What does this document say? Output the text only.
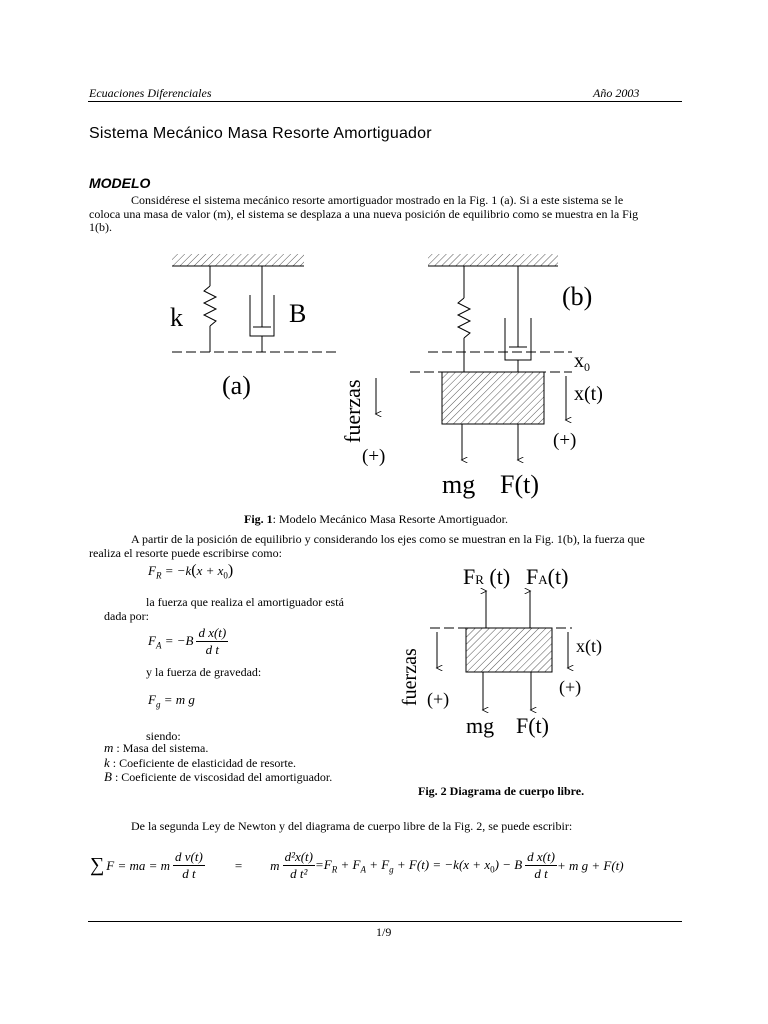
Ecuaciones Diferenciales	Año 2003
Sistema Mecánico Masa Resorte Amortiguador
MODELO
Considérese el sistema mecánico resorte amortiguador mostrado en la Fig. 1 (a). Si a este sistema se le
coloca una masa de valor (m), el sistema se desplaza a una nueva posición de equilibrio como se muestra en la Fig
1(b).
k	B
(a)	fuerzas
(+)
(+)
(b)
$x_0$
x(t)
mg F(t)
Fig. 1: Modelo Mecánico Masa Resorte Amortiguador.
A partir de la posición de equilibrio y considerando los ejes como se muestran en la Fig. 1(b), la fuerza que
realiza el resorte puede escribirse como:
$F_R = -k(x + x_0)$
la fuerza que realiza el amortiguador está
dada por:
$F_A = -B$
d x(t)
d t
y la fuerza de gravedad:
$F_g = m$ g
siendo:
m : Masa del sistema.
k : Coeficiente de elasticidad de resorte.
B : Coeficiente de viscosidad del amortiguador.
FR (t) FA(t)
x(t)
fuerzas (+)
(+)
mg F(t)
Fig. 2 Diagrama de cuerpo libre.
De la segunda Ley de Newton y del diagrama de cuerpo libre de la Fig. 2, se puede escribir:
∑ F = ma = m $\frac{\text{d v(t)}}{\text{d t}} = m \frac{\text{d²x(t)}}{\text{d t²}} =F_R + F_A + F_g + F(t) = -k(x + x_0) - B$
d x(t)
d t
+ m g + F(t)
1/9
